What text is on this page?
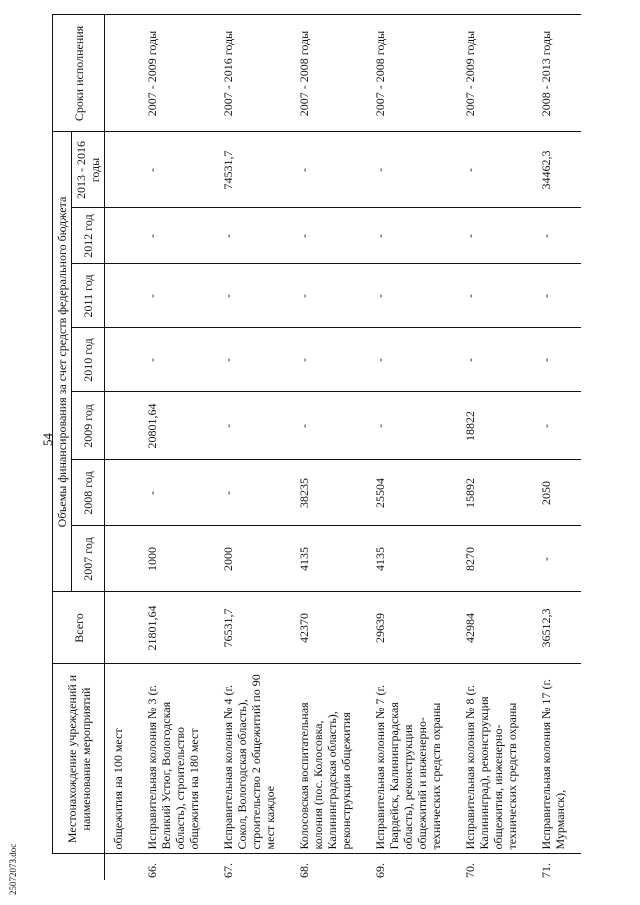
54
2507207З.doc
	Местонахождение учреждений и наименование мероприятий	Всего	Объемы финансирования за счет средств федерального бюджета							Сроки исполнения
			2007 год	2008 год	2009 год	2010 год	2011 год	2012 год	2013 - 2016 годы	
	общежития на 100 мест									
66.	Исправительная колония № 3 (г. Великий Устюг, Вологодская область), строительство общежития на 180 мест	21801,64	1000	-	20801,64	-	-	-	-	2007 - 2009 годы
67.	Исправительная колония № 4 (г. Сокол, Вологодская область), строительство 2 общежитий по 90 мест каждое	76531,7	2000	-	-	-	-	-	74531,7	2007 - 2016 годы
68.	Колосовская воспитательная колония (пос. Колосовка, Калининградская область), реконструкция общежития	42370	4135	38235	-	-	-	-	-	2007 - 2008 годы
69.	Исправительная колония № 7 (г. Гвардейск, Калининградская область), реконструкция общежитий и инженерно-технических средств охраны	29639	4135	25504	-	-	-	-	-	2007 - 2008 годы
70.	Исправительная колония № 8 (г. Калининград), реконструкция общежития, инженерно-технических средств охраны	42984	8270	15892	18822	-	-	-	-	2007 - 2009 годы
71.	Исправительная колония № 17 (г. Мурманск),	36512,3	-	2050	-	-	-	-	34462,3	2008 - 2013 годы
